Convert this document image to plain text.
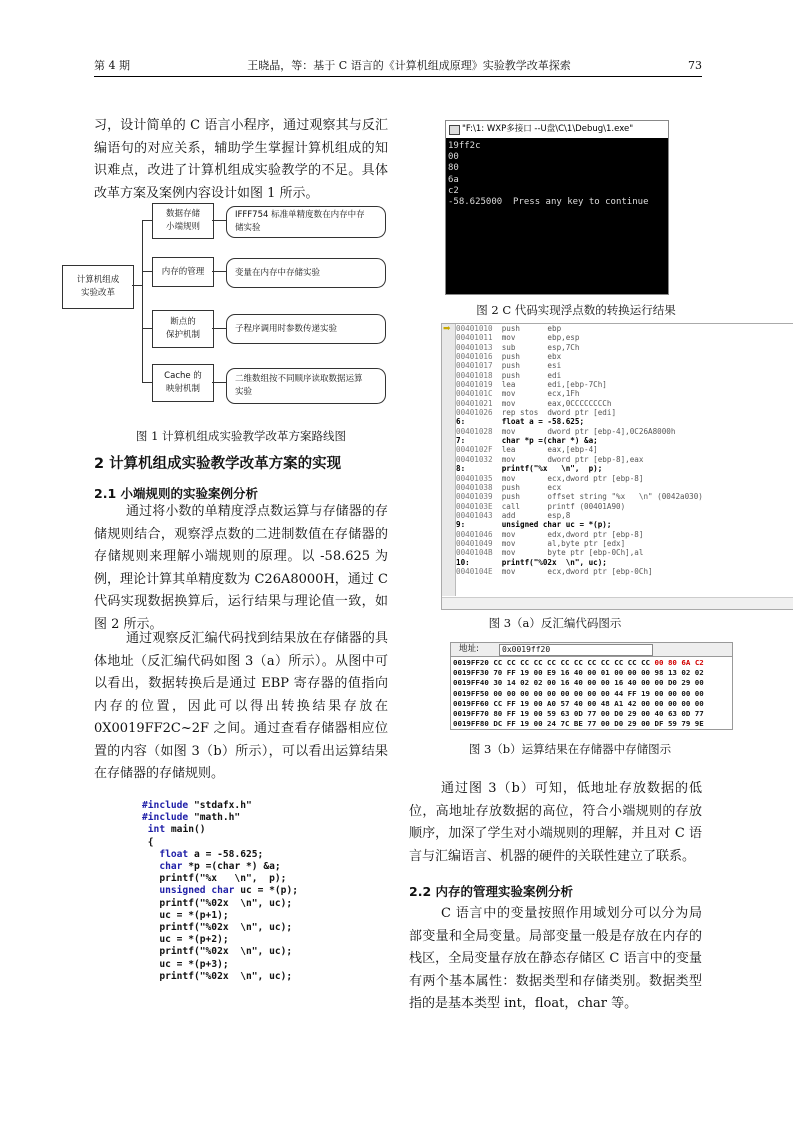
第 4 期	王晓晶，等：基于 C 语言的《计算机组成原理》实验教学改革探索	73

习，设计简单的 C 语言小程序，通过观察其与反汇编语句的对应关系，辅助学生掌握计算机组成的知识难点，改进了计算机组成实验教学的不足。具体改革方案及案例内容设计如图 1 所示。

计算机组成
实验改革
数据存储
小端规则
IFFF754 标准单精度数在内存中存
储实验
内存的管理	变量在内存中存储实验
断点的
保护机制
子程序调用时参数传递实验
Cache 的
映射机制
二维数组按不同顺序读取数据运算
实验
图 1 计算机组成实验教学改革方案路线图
2 计算机组成实验教学改革方案的实现
2.1 小端规则的实验案例分析

通过将小数的单精度浮点数运算与存储器的存储规则结合，观察浮点数的二进制数值在存储器的存储规则来理解小端规则的原理。以 -58.625 为例，理论计算其单精度数为 C26A8000H，通过 C 代码实现数据换算后，运行结果与理论值一致，如图 2 所示。

通过观察反汇编代码找到结果放在存储器的具体地址（反汇编代码如图 3（a）所示）。从图中可以看出，数据转换后是通过 EBP 寄存器的值指向内存的位置，因此可以得出转换结果存放在 0X0019FF2C~2F 之间。通过查看存储器相应位置的内容（如图 3（b）所示），可以看出运算结果在存储器的存储规则。

#include "stdafx.h"
#include "math.h"
int main()
{
float a = -58.625;
char *p =(char *) &a;
printf("%x \n", p);
unsigned char uc = *(p);
printf("%02x \n", uc);
uc = *(p+1);
printf("%02x \n", uc);
uc = *(p+2);
printf("%02x \n", uc);
uc = *(p+3);
printf("%02x \n", uc);
"F:\1: WXP多接口 --U盘\C\1\Debug\1.exe"
19ff2c
00
80
6a
c2
-58.625000  Press any key to continue
图 2 C 代码实现浮点数的转换运行结果
➡ 00401010  push      ebp
00401011  mov       ebp,esp
00401013  sub       esp,7Ch
00401016  push      ebx
00401017  push      esi
00401018  push      edi
00401019  lea       edi,[ebp-7Ch]
0040101C  mov       ecx,1Fh
00401021  mov       eax,0CCCCCCCCh
00401026  rep stos  dword ptr [edi]
6:        float a = -58.625;
00401028  mov       dword ptr [ebp-4],0C26A8000h
7:        char *p =(char *) &a;
0040102F  lea       eax,[ebp-4]
00401032  mov       dword ptr [ebp-8],eax
8:        printf("%x   \n",  p);
00401035  mov       ecx,dword ptr [ebp-8]
00401038  push      ecx
00401039  push      offset string "%x   \n" (0042a030)
0040103E  call      printf (00401A90)
00401043  add       esp,8
9:        unsigned char uc = *(p);
00401046  mov       edx,dword ptr [ebp-8]
00401049  mov       al,byte ptr [edx]
0040104B  mov       byte ptr [ebp-0Ch],al
10:       printf("%02x  \n", uc);
0040104E  mov       ecx,dword ptr [ebp-0Ch]
图 3（a）反汇编代码图示
地址:	0x0019ff20
0019FF20 CC CC CC CC CC CC CC CC CC CC CC CC 00 80 6A C2
0019FF30 70 FF 19 00 E9 16 40 00 01 00 00 00 98 13 02 02
0019FF40 30 14 02 02 00 16 40 00 00 16 40 00 00 D0 29 00
0019FF50 00 00 00 00 00 00 00 00 00 44 FF 19 00 00 00 00
0019FF60 CC FF 19 00 A0 57 40 00 48 A1 42 00 00 00 00 00
0019FF70 80 FF 19 00 59 63 0D 77 00 D0 29 00 40 63 0D 77
0019FF80 DC FF 19 00 24 7C BE 77 00 D0 29 00 DF 59 79 9E
图 3（b）运算结果在存储器中存储图示

通过图 3（b）可知，低地址存放数据的低位，高地址存放数据的高位，符合小端规则的存放顺序，加深了学生对小端规则的理解，并且对 C 语言与汇编语言、机器的硬件的关联性建立了联系。

2.2 内存的管理实验案例分析

C 语言中的变量按照作用域划分可以分为局部变量和全局变量。局部变量一般是存放在内存的栈区，全局变量存放在静态存储区 C 语言中的变量有两个基本属性：数据类型和存储类别。数据类型指的是基本类型 int，float，char 等。
